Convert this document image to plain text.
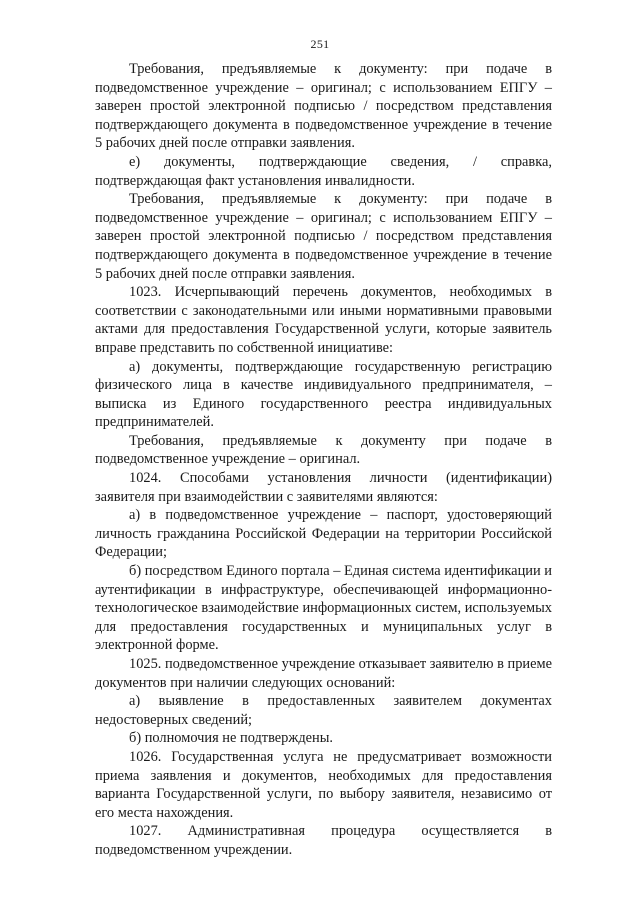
251

Требования, предъявляемые к документу: при подаче в подведомственное учреждение – оригинал; с использованием ЕПГУ – заверен простой электронной подписью / посредством представления подтверждающего документа в подведомственное учреждение в течение 5 рабочих дней после отправки заявления.

е) документы, подтверждающие сведения, / справка, подтверждающая факт установления инвалидности.

Требования, предъявляемые к документу: при подаче в подведомственное учреждение – оригинал; с использованием ЕПГУ – заверен простой электронной подписью / посредством представления подтверждающего документа в подведомственное учреждение в течение 5 рабочих дней после отправки заявления.

1023. Исчерпывающий перечень документов, необходимых в соответствии с законодательными или иными нормативными правовыми актами для предоставления Государственной услуги, которые заявитель вправе представить по собственной инициативе:

а) документы, подтверждающие государственную регистрацию физического лица в качестве индивидуального предпринимателя, – выписка из Единого государственного реестра индивидуальных предпринимателей.

Требования, предъявляемые к документу при подаче в подведомственное учреждение – оригинал.

1024. Способами установления личности (идентификации) заявителя при взаимодействии с заявителями являются:

а) в подведомственное учреждение – паспорт, удостоверяющий личность гражданина Российской Федерации на территории Российской Федерации;

б) посредством Единого портала – Единая система идентификации и аутентификации в инфраструктуре, обеспечивающей информационно-технологическое взаимодействие информационных систем, используемых для предоставления государственных и муниципальных услуг в электронной форме.

1025. подведомственное учреждение отказывает заявителю в приеме документов при наличии следующих оснований:

а) выявление в предоставленных заявителем документах недостоверных сведений;

б) полномочия не подтверждены.

1026. Государственная услуга не предусматривает возможности приема заявления и документов, необходимых для предоставления варианта Государственной услуги, по выбору заявителя, независимо от его места нахождения.

1027. Административная процедура осуществляется в подведомственном учреждении.
